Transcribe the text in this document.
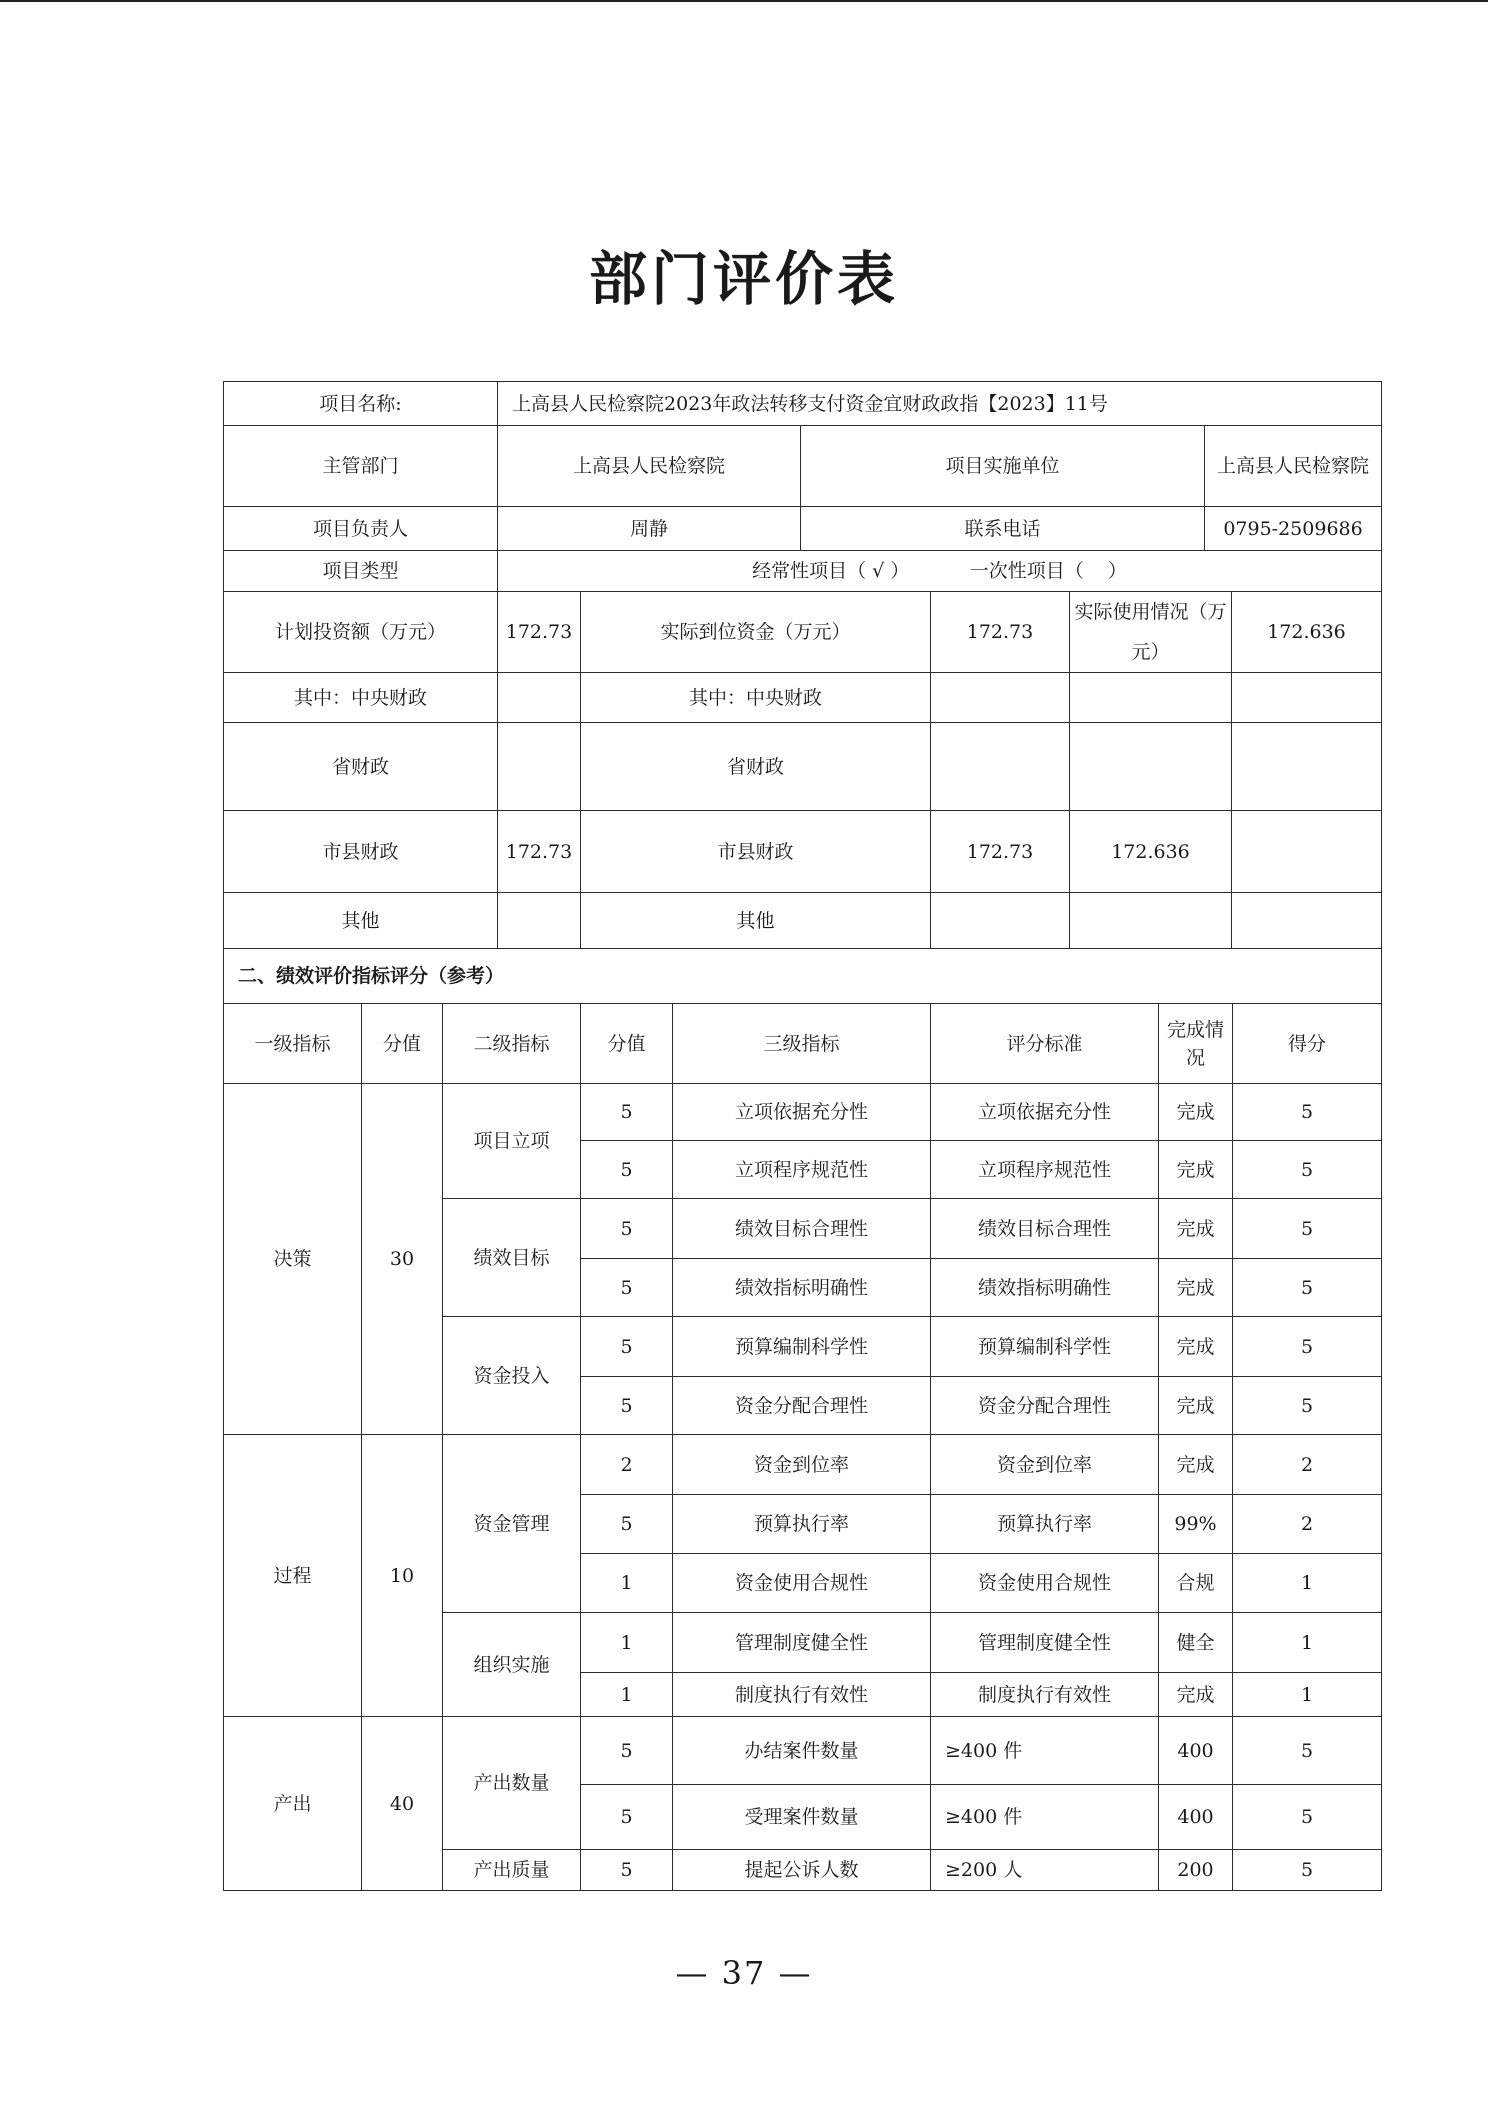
部门评价表
项目名称:	上高县人民检察院2023年政法转移支付资金宜财政政指【2023】11号		
主管部门	上高县人民检察院	项目实施单位	上高县人民检察院
项目负责人	周静	联系电话	0795-2509686
项目类型	经常性项目（ √ ）          一次性项目（    ）		
计划投资额（万元）	172.73	实际到位资金（万元）	172.73	实际使用情况（万元）	172.636
其中：中央财政		其中：中央财政			
省财政		省财政			
市县财政	172.73	市县财政	172.73	172.636	
其他		其他			
二、绩效评价指标评分（参考）					
一级指标	分值	二级指标	分值	三级指标	评分标准	完成情况	得分
决策	30	项目立项	5	立项依据充分性	立项依据充分性	完成	5
			5	立项程序规范性	立项程序规范性	完成	5
		绩效目标	5	绩效目标合理性	绩效目标合理性	完成	5
			5	绩效指标明确性	绩效指标明确性	完成	5
		资金投入	5	预算编制科学性	预算编制科学性	完成	5
			5	资金分配合理性	资金分配合理性	完成	5
过程	10	资金管理	2	资金到位率	资金到位率	完成	2
			5	预算执行率	预算执行率	99%	2
			1	资金使用合规性	资金使用合规性	合规	1
		组织实施	1	管理制度健全性	管理制度健全性	健全	1
			1	制度执行有效性	制度执行有效性	完成	1
产出	40	产出数量	5	办结案件数量	≥400 件	400	5
			5	受理案件数量	≥400 件	400	5
		产出质量	5	提起公诉人数	≥200 人	200	5
— 37 —
